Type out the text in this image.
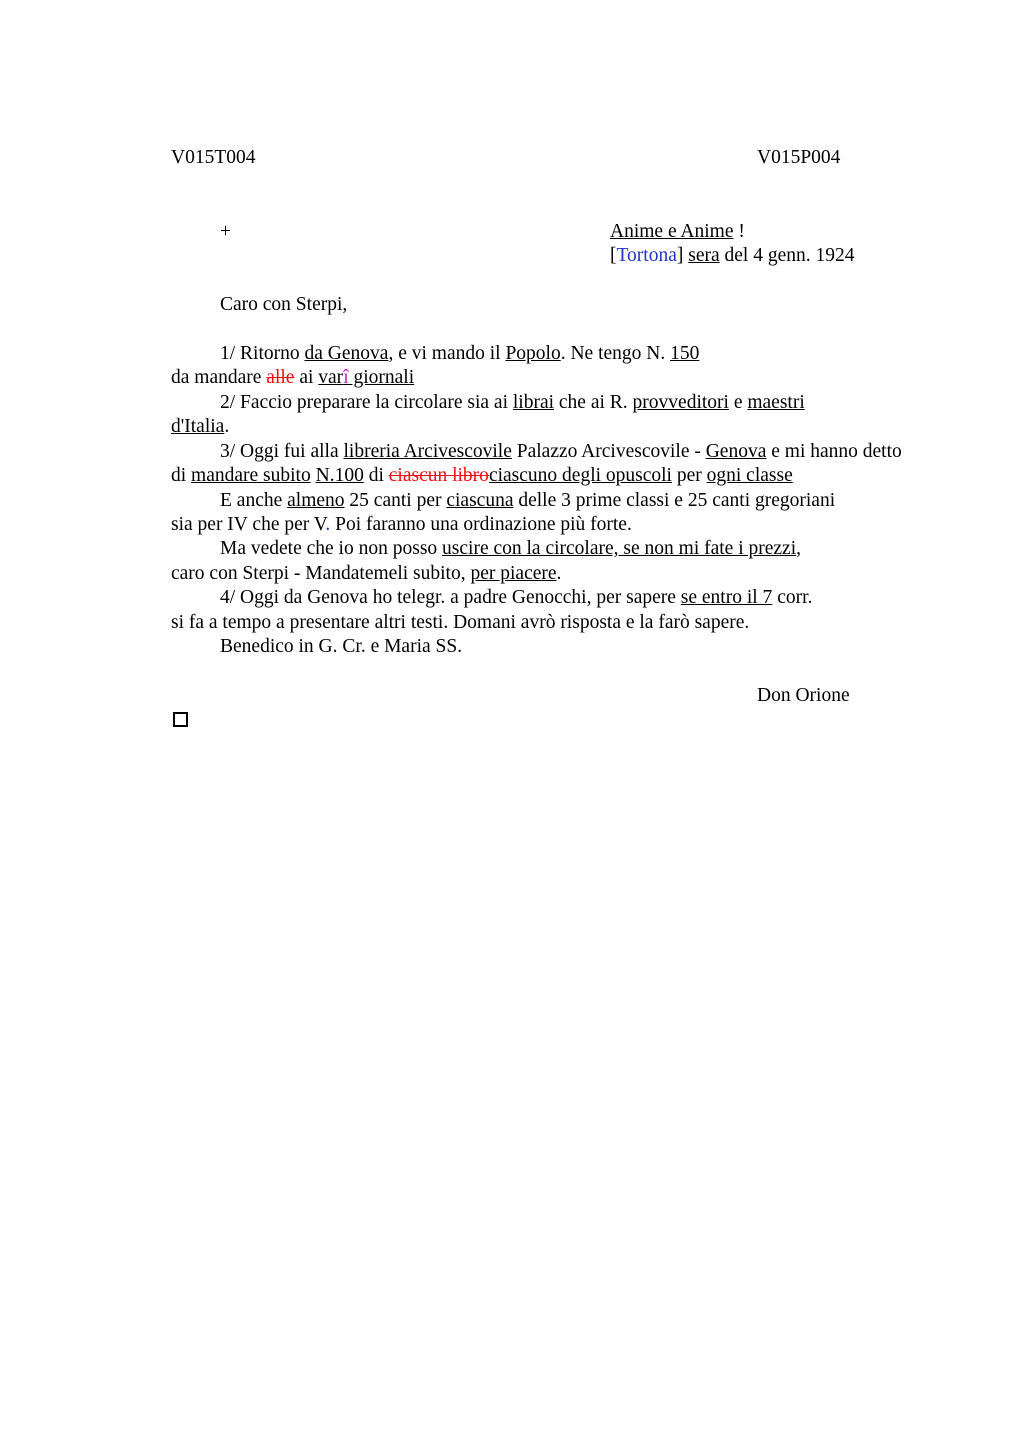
V015T004	V015P004
+	Anime e Anime !
[Tortona] sera del 4 genn. 1924
Caro con Sterpi,
1/ Ritorno da Genova, e vi mando il Popolo. Ne tengo N. 150
da mandare alle ai varî giornali
2/ Faccio preparare la circolare sia ai librai che ai R. provveditori e maestri
d'Italia.
3/ Oggi fui alla libreria Arcivescovile Palazzo Arcivescovile - Genova e mi hanno detto
di mandare subito N.100 di ciascun librociascuno degli opuscoli per ogni classe
E anche almeno 25 canti per ciascuna delle 3 prime classi e 25 canti gregoriani
sia per IV che per V. Poi faranno una ordinazione più forte.
Ma vedete che io non posso uscire con la circolare, se non mi fate i prezzi,
caro con Sterpi - Mandatemeli subito, per piacere.
4/ Oggi da Genova ho telegr. a padre Genocchi, per sapere se entro il 7 corr.
si fa a tempo a presentare altri testi. Domani avrò risposta e la farò sapere.
Benedico in G. Cr. e Maria SS.
Don Orione
